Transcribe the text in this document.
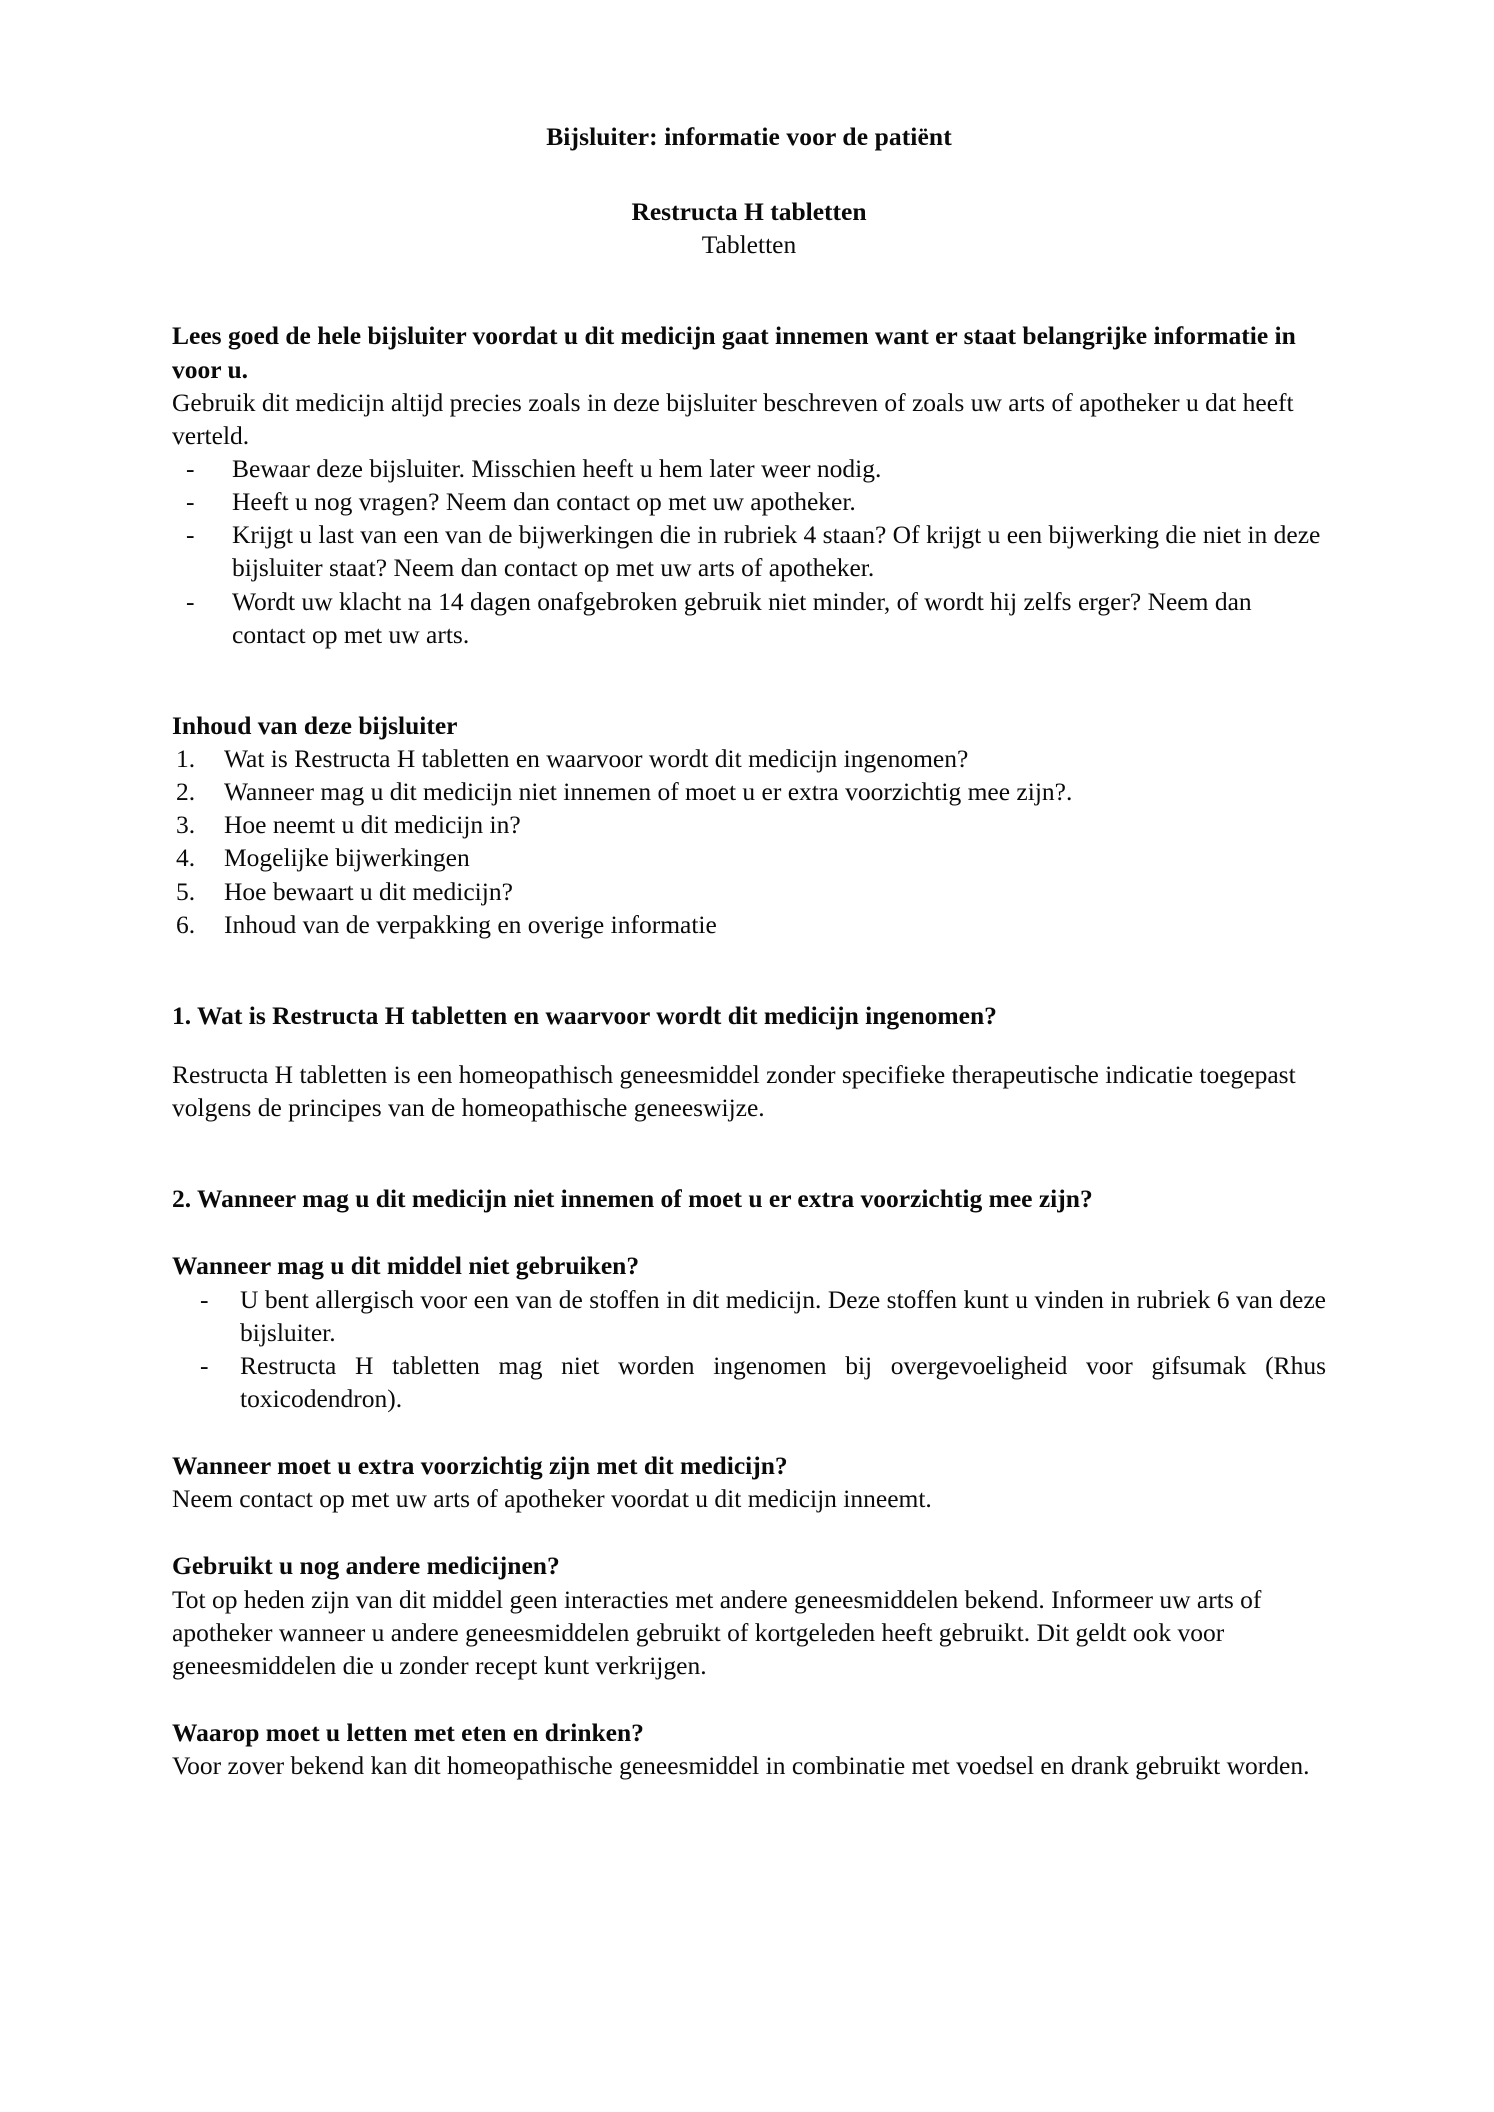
Bijsluiter: informatie voor de patiënt
Restructa H tabletten
Tabletten

Lees goed de hele bijsluiter voordat u dit medicijn gaat innemen want er staat belangrijke informatie in voor u.

Gebruik dit medicijn altijd precies zoals in deze bijsluiter beschreven of zoals uw arts of apotheker u dat heeft verteld.

- Bewaar deze bijsluiter. Misschien heeft u hem later weer nodig.
- Heeft u nog vragen? Neem dan contact op met uw apotheker.
- Krijgt u last van een van de bijwerkingen die in rubriek 4 staan? Of krijgt u een bijwerking die niet in deze bijsluiter staat? Neem dan contact op met uw arts of apotheker.
- Wordt uw klacht na 14 dagen onafgebroken gebruik niet minder, of wordt hij zelfs erger? Neem dan contact op met uw arts.
Inhoud van deze bijsluiter
1. Wat is Restructa H tabletten en waarvoor wordt dit medicijn ingenomen?
2. Wanneer mag u dit medicijn niet innemen of moet u er extra voorzichtig mee zijn?.
3. Hoe neemt u dit medicijn in?
4. Mogelijke bijwerkingen
5. Hoe bewaart u dit medicijn?
6. Inhoud van de verpakking en overige informatie
1. Wat is Restructa H tabletten en waarvoor wordt dit medicijn ingenomen?

Restructa H tabletten is een homeopathisch geneesmiddel zonder specifieke therapeutische indicatie toegepast volgens de principes van de homeopathische geneeswijze.

2. Wanneer mag u dit medicijn niet innemen of moet u er extra voorzichtig mee zijn?
Wanneer mag u dit middel niet gebruiken?
- U bent allergisch voor een van de stoffen in dit medicijn. Deze stoffen kunt u vinden in rubriek 6 van deze bijsluiter.
- Restructa H tabletten mag niet worden ingenomen bij overgevoeligheid voor gifsumak (Rhus toxicodendron).
Wanneer moet u extra voorzichtig zijn met dit medicijn?

Neem contact op met uw arts of apotheker voordat u dit medicijn inneemt.

Gebruikt u nog andere medicijnen?

Tot op heden zijn van dit middel geen interacties met andere geneesmiddelen bekend. Informeer uw arts of apotheker wanneer u andere geneesmiddelen gebruikt of kortgeleden heeft gebruikt. Dit geldt ook voor geneesmiddelen die u zonder recept kunt verkrijgen.

Waarop moet u letten met eten en drinken?

Voor zover bekend kan dit homeopathische geneesmiddel in combinatie met voedsel en drank gebruikt worden.
